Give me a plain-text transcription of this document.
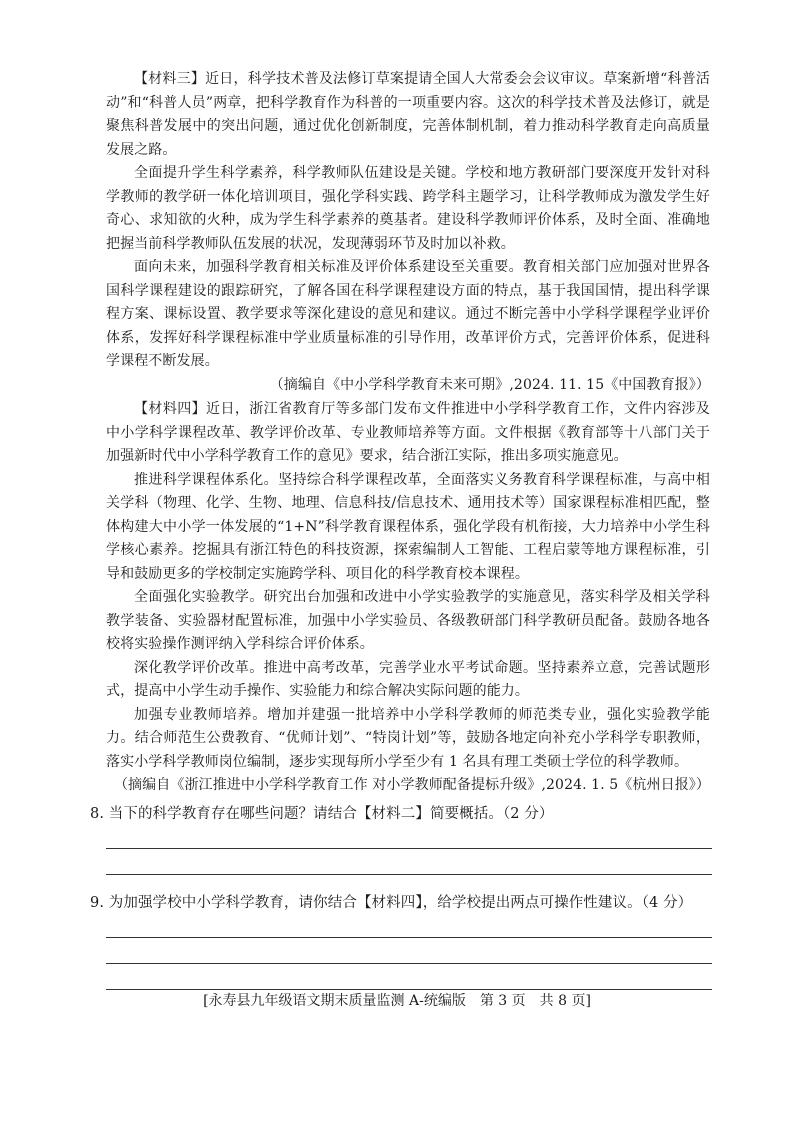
【材料三】近日，科学技术普及法修订草案提请全国人大常委会会议审议。草案新增“科普活动”和“科普人员”两章，把科学教育作为科普的一项重要内容。这次的科学技术普及法修订，就是聚焦科普发展中的突出问题，通过优化创新制度，完善体制机制，着力推动科学教育走向高质量发展之路。

全面提升学生科学素养，科学教师队伍建设是关键。学校和地方教研部门要深度开发针对科学教师的教学研一体化培训项目，强化学科实践、跨学科主题学习，让科学教师成为激发学生好奇心、求知欲的火种，成为学生科学素养的奠基者。建设科学教师评价体系，及时全面、准确地把握当前科学教师队伍发展的状况，发现薄弱环节及时加以补救。

面向未来，加强科学教育相关标准及评价体系建设至关重要。教育相关部门应加强对世界各国科学课程建设的跟踪研究，了解各国在科学课程建设方面的特点，基于我国国情，提出科学课程方案、课标设置、教学要求等深化建设的意见和建议。通过不断完善中小学科学课程学业评价体系，发挥好科学课程标准中学业质量标准的引导作用，改革评价方式，完善评价体系，促进科学课程不断发展。

（摘编自《中小学科学教育未来可期》,2024. 11. 15《中国教育报》）

【材料四】近日，浙江省教育厅等多部门发布文件推进中小学科学教育工作，文件内容涉及中小学科学课程改革、教学评价改革、专业教师培养等方面。文件根据《教育部等十八部门关于加强新时代中小学科学教育工作的意见》要求，结合浙江实际，推出多项实施意见。

推进科学课程体系化。坚持综合科学课程改革，全面落实义务教育科学课程标准，与高中相关学科（物理、化学、生物、地理、信息科技/信息技术、通用技术等）国家课程标准相匹配，整体构建大中小学一体发展的“1+N”科学教育课程体系，强化学段有机衔接，大力培养中小学生科学核心素养。挖掘具有浙江特色的科技资源，探索编制人工智能、工程启蒙等地方课程标准，引导和鼓励更多的学校制定实施跨学科、项目化的科学教育校本课程。

全面强化实验教学。研究出台加强和改进中小学实验教学的实施意见，落实科学及相关学科教学装备、实验器材配置标准，加强中小学实验员、各级教研部门科学教研员配备。鼓励各地各校将实验操作测评纳入学科综合评价体系。

深化教学评价改革。推进中高考改革，完善学业水平考试命题。坚持素养立意，完善试题形式，提高中小学生动手操作、实验能力和综合解决实际问题的能力。

加强专业教师培养。增加并建强一批培养中小学科学教师的师范类专业，强化实验教学能力。结合师范生公费教育、“优师计划”、“特岗计划”等，鼓励各地定向补充小学科学专职教师，落实小学科学教师岗位编制，逐步实现每所小学至少有 1 名具有理工类硕士学位的科学教师。

（摘编自《浙江推进中小学科学教育工作 对小学教师配备提标升级》,2024. 1. 5《杭州日报》）

8. 当下的科学教育存在哪些问题？请结合【材料二】简要概括。（2 分）

9. 为加强学校中小学科学教育，请你结合【材料四】，给学校提出两点可操作性建议。（4 分）

[永寿县九年级语文期末质量监测 A-统编版　第 3 页　共 8 页]
